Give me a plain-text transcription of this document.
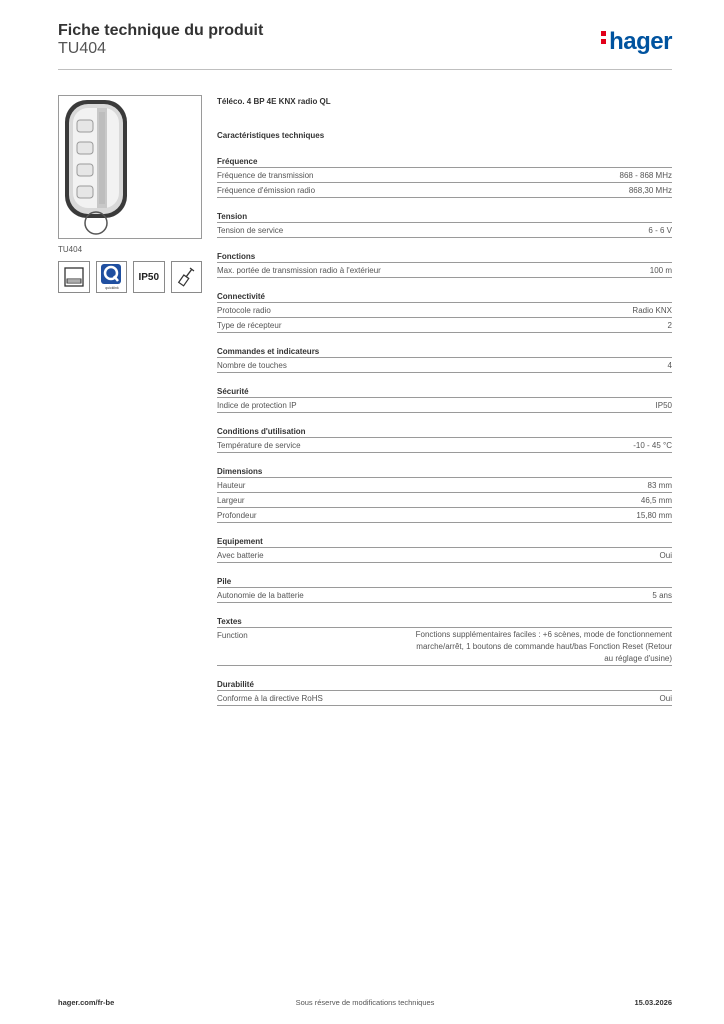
Fiche technique du produit
TU404	hager
TU404
quicklink
IP50
Téléco. 4 BP 4E KNX radio QL
Caractéristiques techniques
Fréquence
Fréquence de transmission	868 - 868 MHz
Fréquence d'émission radio	868,30 MHz
Tension
Tension de service	6 - 6 V
Fonctions
Max. portée de transmission radio à l'extérieur	100 m
Connectivité
Protocole radio	Radio KNX
Type de récepteur	2
Commandes et indicateurs
Nombre de touches	4
Sécurité
Indice de protection IP	IP50
Conditions d'utilisation
Température de service	-10 - 45 °C
Dimensions
Hauteur	83 mm
Largeur	46,5 mm
Profondeur	15,80 mm
Equipement
Avec batterie	Oui
Pile
Autonomie de la batterie	5 ans
Textes
Function	Fonctions supplémentaires faciles : +6 scènes, mode de fonctionnement marche/arrêt, 1 boutons de commande haut/bas Fonction Reset (Retour au réglage d'usine)
Durabilité
Conforme à la directive RoHS	Oui
Sous réserve de modifications techniques
hager.com/fr-be	15.03.2026
